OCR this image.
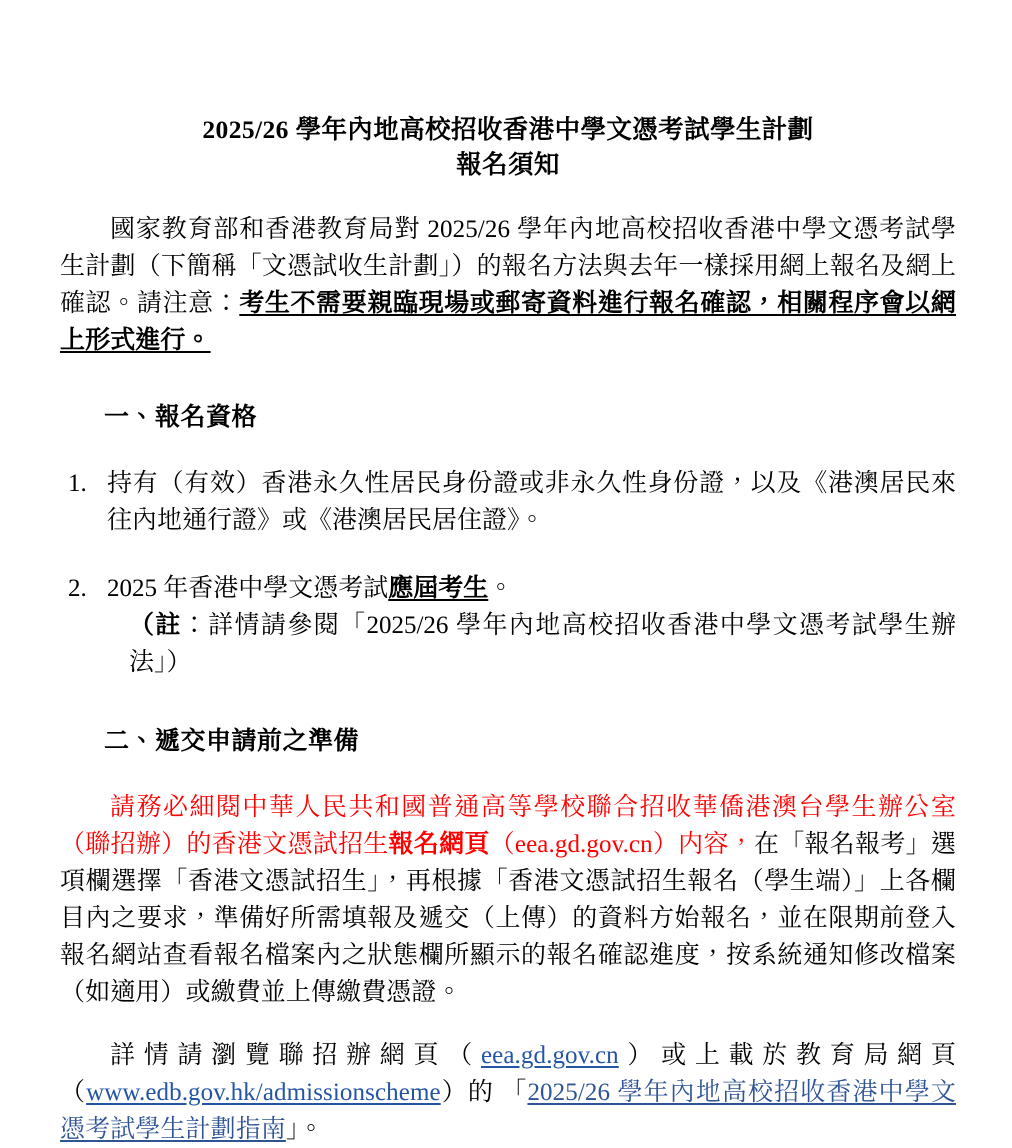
2025/26 學年內地高校招收香港中學文憑考試學生計劃
報名須知

國家教育部和香港教育局對 2025/26 學年內地高校招收香港中學文憑考試學生計劃（下簡稱「文憑試收生計劃」）的報名方法與去年一樣採用網上報名及網上確認。請注意：考生不需要親臨現場或郵寄資料進行報名確認，相關程序會以網上形式進行。

一、報名資格

1. 持有（有效）香港永久性居民身份證或非永久性身份證，以及《港澳居民來往內地通行證》或《港澳居民居住證》。
2. 2025 年香港中學文憑考試應屆考生。
（註：詳情請參閱「2025/26 學年內地高校招收香港中學文憑考試學生辦法」）

二、遞交申請前之準備

請務必細閱中華人民共和國普通高等學校聯合招收華僑港澳台學生辦公室（聯招辦）的香港文憑試招生報名網頁（eea.gd.gov.cn）内容，在「報名報考」選項欄選擇「香港文憑試招生」，再根據「香港文憑試招生報名（學生端）」上各欄目內之要求，準備好所需填報及遞交（上傳）的資料方始報名，並在限期前登入報名網站查看報名檔案內之狀態欄所顯示的報名確認進度，按系統通知修改檔案（如適用）或繳費並上傳繳費憑證。

詳情請瀏覽聯招辦網頁（eea.gd.gov.cn）或上載於教育局網頁（www.edb.gov.hk/admissionscheme）的 「2025/26 學年內地高校招收香港中學文憑考試學生計劃指南」。
